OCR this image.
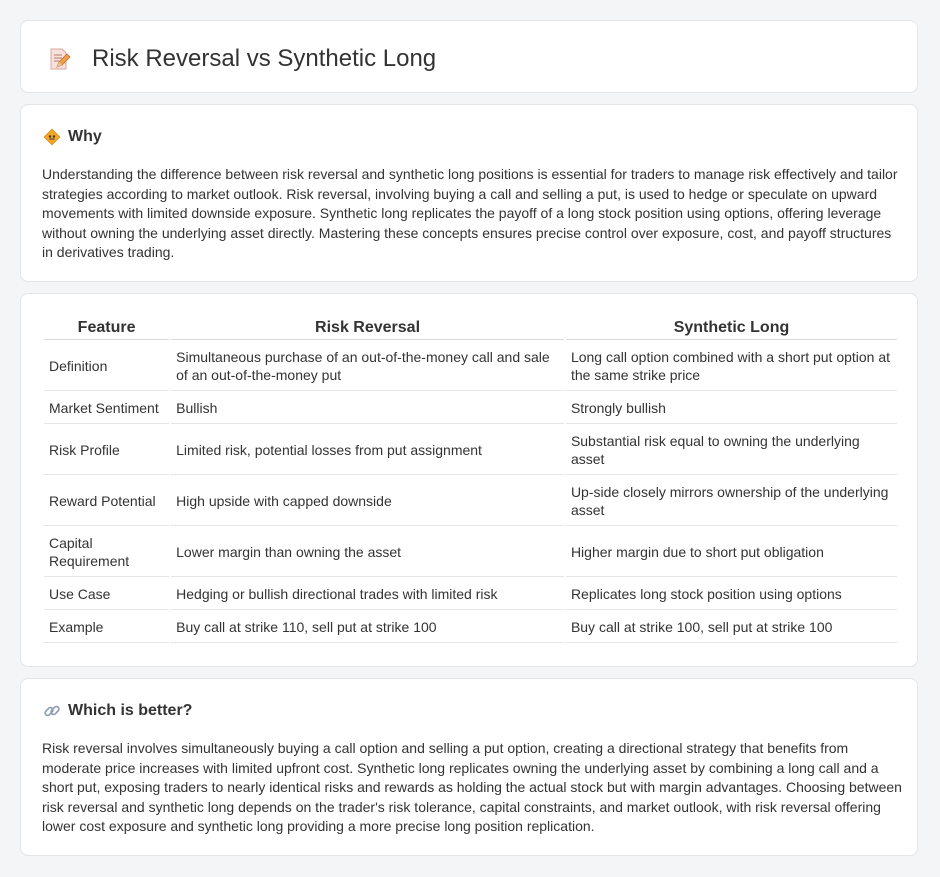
Risk Reversal vs Synthetic Long
Why

Understanding the difference between risk reversal and synthetic long positions is essential for traders to manage risk effectively and tailor strategies according to market outlook. Risk reversal, involving buying a call and selling a put, is used to hedge or speculate on upward movements with limited downside exposure. Synthetic long replicates the payoff of a long stock position using options, offering leverage without owning the underlying asset directly. Mastering these concepts ensures precise control over exposure, cost, and payoff structures in derivatives trading.

Feature	Risk Reversal	Synthetic Long
Definition	Simultaneous purchase of an out-of-the-money call and sale of an out-of-the-money put	Long call option combined with a short put option at the same strike price
Market Sentiment	Bullish	Strongly bullish
Risk Profile	Limited risk, potential losses from put assignment	Substantial risk equal to owning the underlying asset
Reward Potential	High upside with capped downside	Up-side closely mirrors ownership of the underlying asset
Capital Requirement	Lower margin than owning the asset	Higher margin due to short put obligation
Use Case	Hedging or bullish directional trades with limited risk	Replicates long stock position using options
Example	Buy call at strike 110, sell put at strike 100	Buy call at strike 100, sell put at strike 100
Which is better?

Risk reversal involves simultaneously buying a call option and selling a put option, creating a directional strategy that benefits from moderate price increases with limited upfront cost. Synthetic long replicates owning the underlying asset by combining a long call and a short put, exposing traders to nearly identical risks and rewards as holding the actual stock but with margin advantages. Choosing between risk reversal and synthetic long depends on the trader's risk tolerance, capital constraints, and market outlook, with risk reversal offering lower cost exposure and synthetic long providing a more precise long position replication.
